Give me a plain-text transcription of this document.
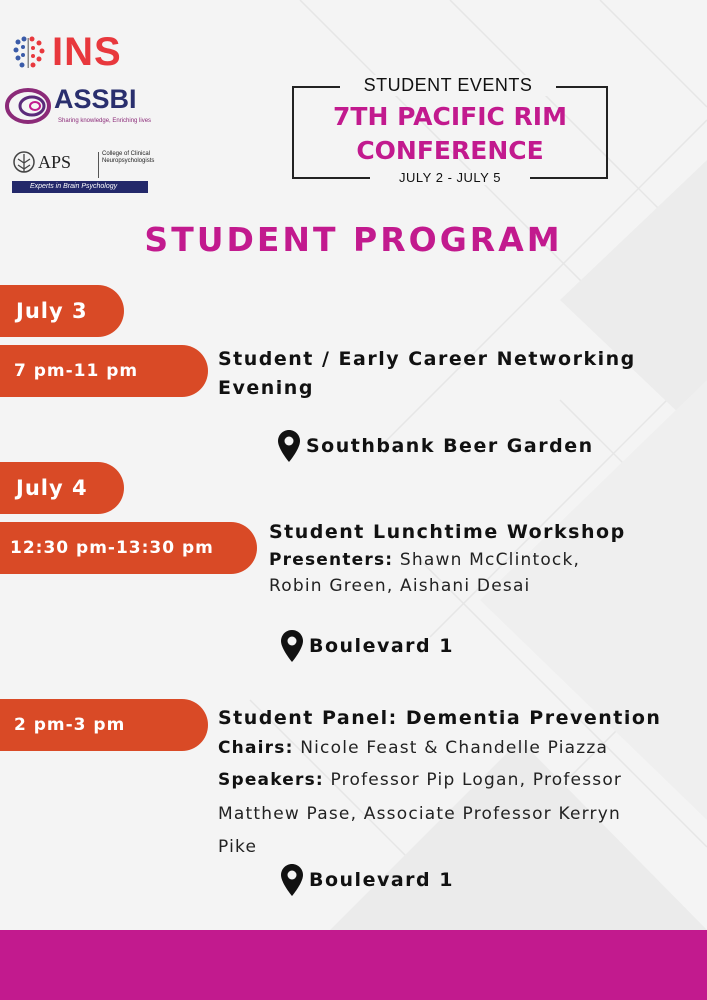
INS
ASSBI
Sharing knowledge, Enriching lives
APS	College of Clinical Neuropsychologists
Experts in Brain Psychology
STUDENT EVENTS
7TH PACIFIC RIM
CONFERENCE
JULY 2 - JULY 5
STUDENT PROGRAM
July 3
7 pm-11 pm
Student / Early Career Networking
Evening
Southbank Beer Garden
July 4
12:30 pm-13:30 pm
Student Lunchtime Workshop
Presenters: Shawn McClintock,
Robin Green, Aishani Desai
Boulevard 1
2 pm-3 pm	Student Panel: Dementia Prevention
Chairs: Nicole Feast & Chandelle Piazza
Speakers: Professor Pip Logan, Professor
Matthew Pase, Associate Professor Kerryn
Pike
Boulevard 1
